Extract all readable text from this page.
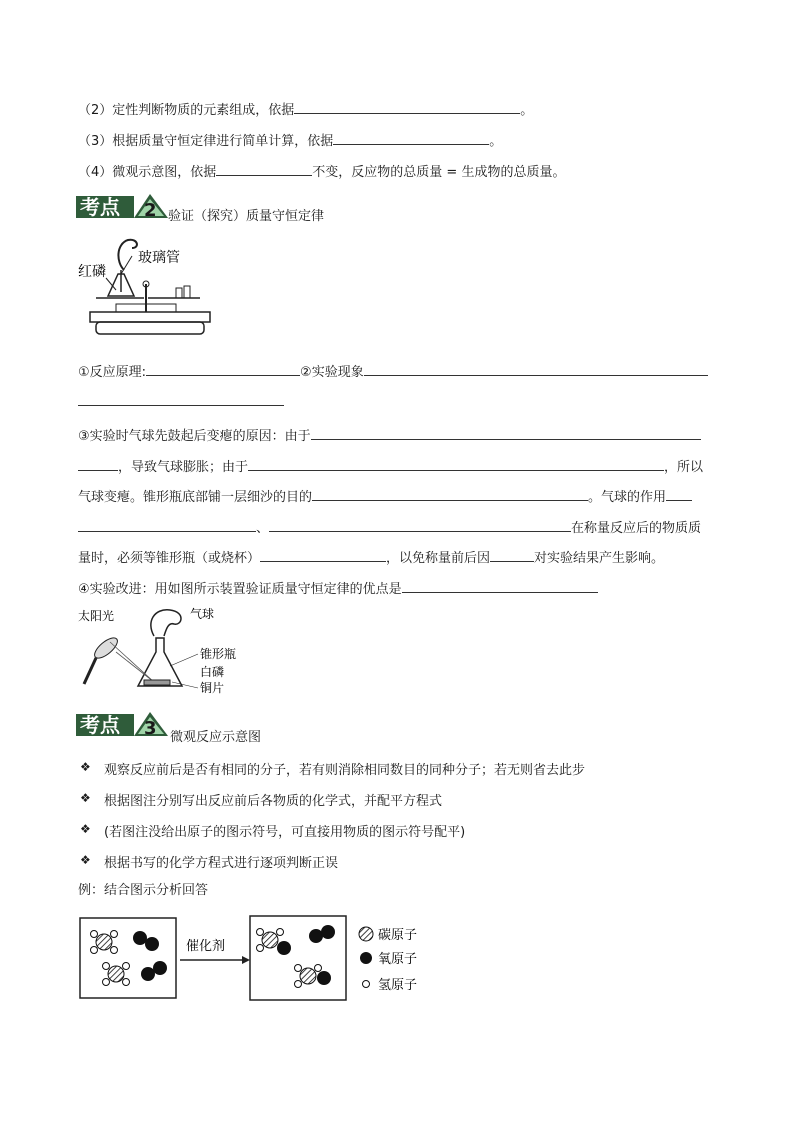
（2）定性判断物质的元素组成，依据	。
（3）根据质量守恒定律进行简单计算，依据	。
（4）微观示意图，依据	不变，反应物的总质量 = 生成物的总质量。
考点 2 验证（探究）质量守恒定律
红磷
玻璃管
①反应原理:	②实验现象
③实验时气球先鼓起后变瘪的原因：由于
，导致气球膨胀；由于	，所以
气球变瘪。锥形瓶底部铺一层细沙的目的	。气球的作用
、	在称量反应后的物质质
量时，必须等锥形瓶（或烧杯）	，以免称量前后因	对实验结果产生影响。
④实验改进：用如图所示装置验证质量守恒定律的优点是
太阳光	气球
锥形瓶
白磷
铜片
考点 3 微观反应示意图
❖ 观察反应前后是否有相同的分子，若有则消除相同数目的同种分子；若无则省去此步
❖ 根据图注分别写出反应前后各物质的化学式，并配平方程式
❖ (若图注没给出原子的图示符号，可直接用物质的图示符号配平)
❖ 根据书写的化学方程式进行逐项判断正误
例：结合图示分析回答
催化剂
碳原子
氧原子
氢原子
